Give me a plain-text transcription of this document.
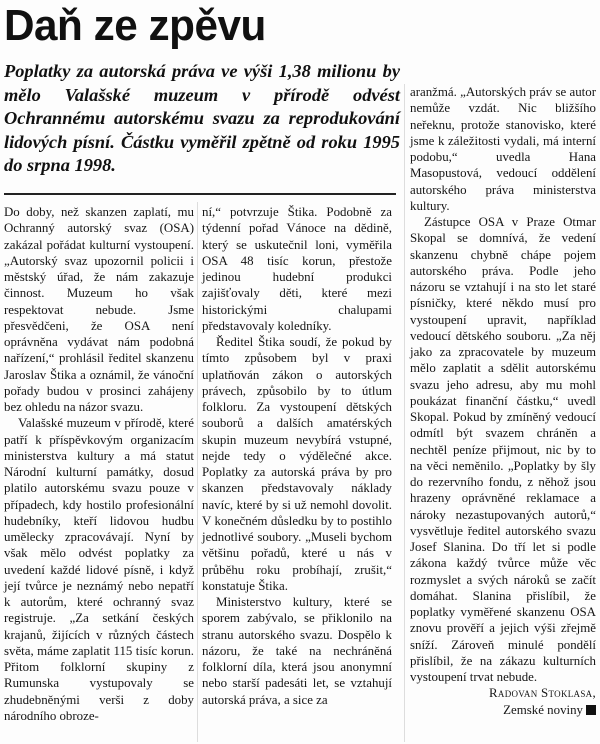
Daň ze zpěvu

Poplatky za autorská práva ve výši 1,38 milionu by mělo Valašské muzeum v přírodě odvést Ochrannému autorskému svazu za reprodukování lidových písní. Částku vyměřil zpětně od roku 1995 do srpna 1998.

Do doby, než skanzen zaplatí, mu Ochranný autorský svaz (OSA) zakázal pořádat kulturní vystoupení. „Autorský svaz upozornil policii i městský úřad, že nám zakazuje činnost. Muzeum ho však respektovat nebude. Jsme přesvědčeni, že OSA není oprávněna vydávat nám podobná nařízení,“ prohlásil ředitel skanzenu Jaroslav Štika a oznámil, že vánoční pořady budou v prosinci zahájeny bez ohledu na názor svazu.

Valašské muzeum v přírodě, které patří k příspěvkovým organizacím ministerstva kultury a má statut Národní kulturní památky, dosud platilo autorskému svazu pouze v případech, kdy hostilo profesionální hudebníky, kteří lidovou hudbu umělecky zpracovávají. Nyní by však mělo odvést poplatky za uvedení každé lidové písně, i když její tvůrce je neznámý nebo nepatří k autorům, které ochranný svaz registruje. „Za setkání českých krajanů, žijících v různých částech světa, máme zaplatit 115 tisíc korun. Přitom folklorní skupiny z Rumunska vystupovaly se zhudebněnými verši z doby národního obroze-

ní,“ potvrzuje Štika. Podobně za týdenní pořad Vánoce na dědině, který se uskutečnil loni, vyměřila OSA 48 tisíc korun, přestože jedinou hudební produkci zajišťovaly děti, které mezi historickými chalupami představovaly koledníky.

Ředitel Štika soudí, že pokud by tímto způsobem byl v praxi uplatňován zákon o autorských právech, způsobilo by to útlum folkloru. Za vystoupení dětských souborů a dalších amatérských skupin muzeum nevybírá vstupné, nejde tedy o výdělečné akce. Poplatky za autorská práva by pro skanzen představovaly náklady navíc, které by si už nemohl dovolit. V konečném důsledku by to postihlo jednotlivé soubory. „Museli bychom většinu pořadů, které u nás v průběhu roku probíhají, zrušit,“ konstatuje Štika.

Ministerstvo kultury, které se sporem zabývalo, se přiklonilo na stranu autorského svazu. Dospělo k názoru, že také na nechráněná folklorní díla, která jsou anonymní nebo starší padesáti let, se vztahují autorská práva, a sice za

aranžmá. „Autorských práv se autor nemůže vzdát. Nic bližšího neřeknu, protože stanovisko, které jsme k záležitosti vydali, má interní podobu,“ uvedla Hana Masopustová, vedoucí oddělení autorského práva ministerstva kultury.

Zástupce OSA v Praze Otmar Skopal se domnívá, že vedení skanzenu chybně chápe pojem autorského práva. Podle jeho názoru se vztahují i na sto let staré písničky, které někdo musí pro vystoupení upravit, například vedoucí dětského souboru. „Za něj jako za zpracovatele by muzeum mělo zaplatit a sdělit autorskému svazu jeho adresu, aby mu mohl poukázat finanční částku,“ uvedl Skopal. Pokud by zmíněný vedoucí odmítl být svazem chráněn a nechtěl peníze přijmout, nic by to na věci neměnilo. „Poplatky by šly do rezervního fondu, z něhož jsou hrazeny oprávněné reklamace a nároky nezastupovaných autorů,“ vysvětluje ředitel autorského svazu Josef Slanina. Do tří let si podle zákona každý tvůrce může věc rozmyslet a svých nároků se začít domáhat. Slanina přislíbil, že poplatky vyměřené skanzenu OSA znovu prověří a jejich výši zřejmě sníží. Zároveň minulé pondělí přislíbil, že na zákazu kulturních vystoupení trvat nebude.

Radovan Stoklasa,
Zemské noviny
